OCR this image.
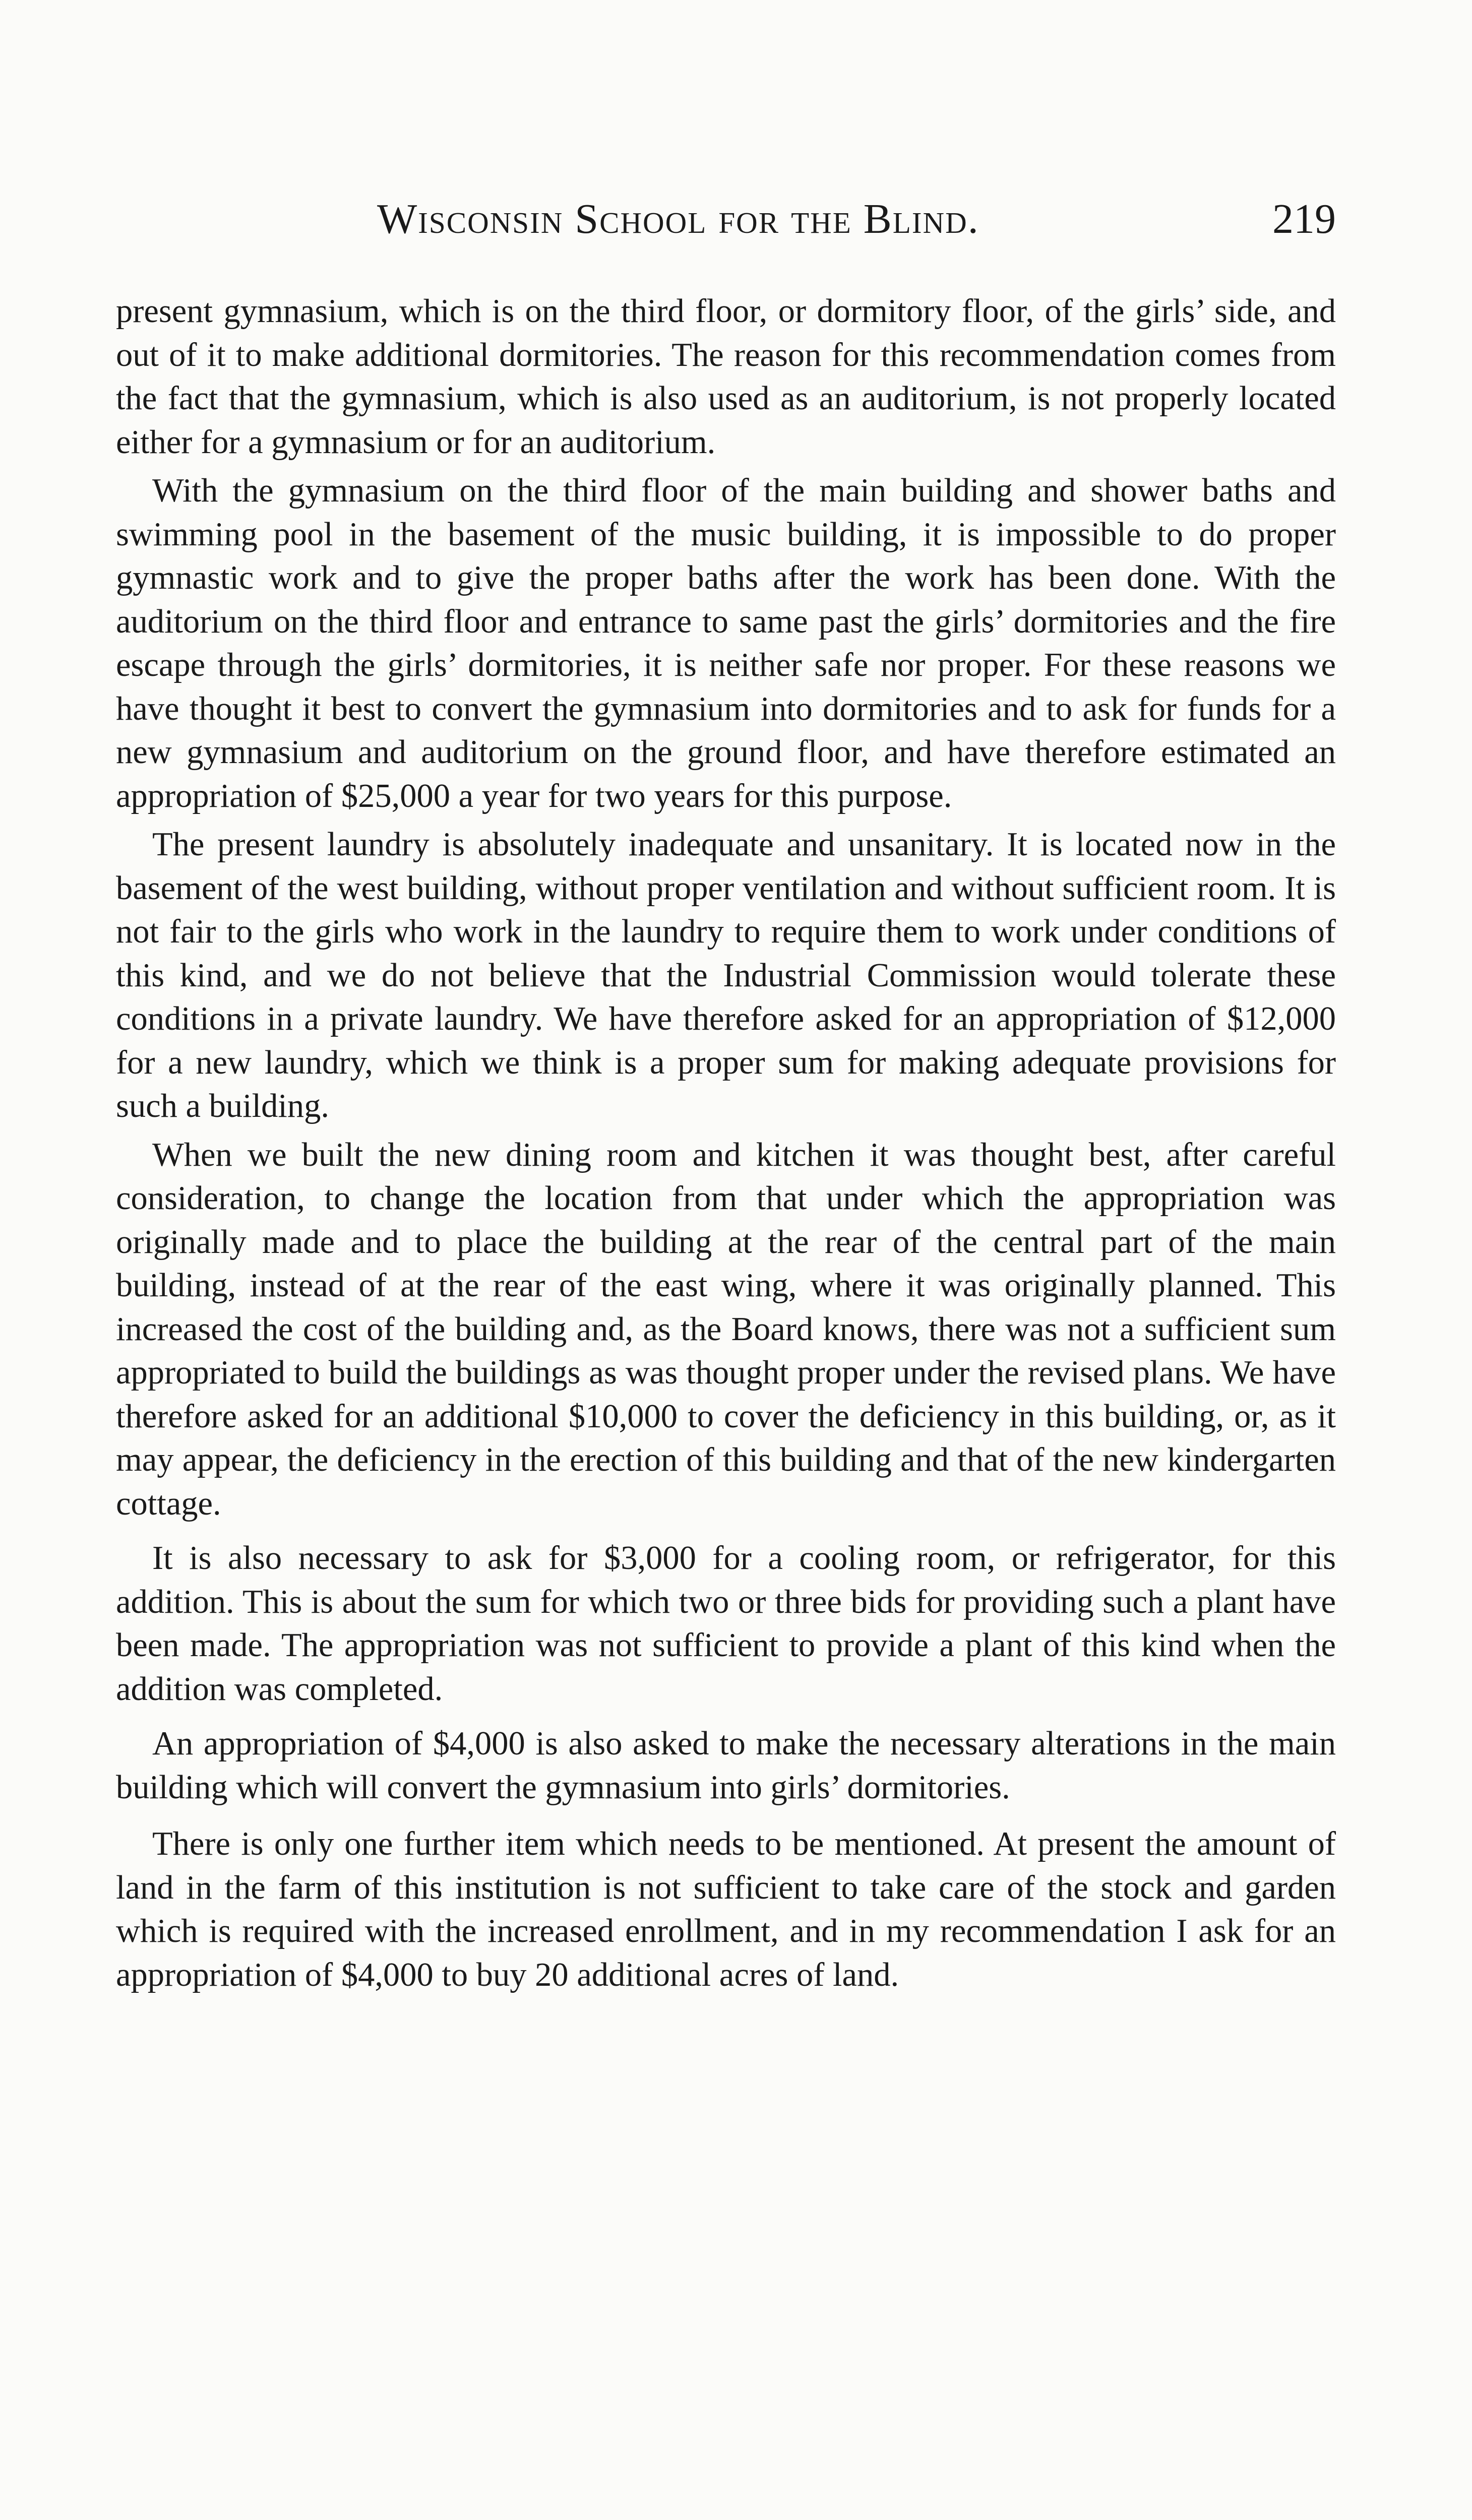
Wisconsin School for the Blind.	219

present gymnasium, which is on the third floor, or dormitory floor, of the girls’ side, and out of it to make additional dormitories. The reason for this recommendation comes from the fact that the gymnasium, which is also used as an auditorium, is not properly located either for a gymnasium or for an auditorium.

With the gymnasium on the third floor of the main building and shower baths and swimming pool in the basement of the music building, it is impossible to do proper gymnastic work and to give the proper baths after the work has been done. With the auditorium on the third floor and entrance to same past the girls’ dormitories and the fire escape through the girls’ dormitories, it is neither safe nor proper. For these reasons we have thought it best to convert the gymnasium into dormitories and to ask for funds for a new gymnasium and auditorium on the ground floor, and have therefore estimated an appropriation of $25,000 a year for two years for this purpose.

The present laundry is absolutely inadequate and unsanitary. It is located now in the basement of the west building, without proper ventilation and without sufficient room. It is not fair to the girls who work in the laundry to require them to work under conditions of this kind, and we do not believe that the Industrial Commission would tolerate these conditions in a private laundry. We have therefore asked for an appropriation of $12,000 for a new laundry, which we think is a proper sum for making adequate provisions for such a building.

When we built the new dining room and kitchen it was thought best, after careful consideration, to change the location from that under which the appropriation was originally made and to place the building at the rear of the central part of the main building, instead of at the rear of the east wing, where it was originally planned. This increased the cost of the building and, as the Board knows, there was not a sufficient sum appropriated to build the buildings as was thought proper under the revised plans. We have therefore asked for an additional $10,000 to cover the deficiency in this building, or, as it may appear, the deficiency in the erection of this building and that of the new kindergarten cottage.

It is also necessary to ask for $3,000 for a cooling room, or refrigerator, for this addition. This is about the sum for which two or three bids for providing such a plant have been made. The appropriation was not sufficient to provide a plant of this kind when the addition was completed.

An appropriation of $4,000 is also asked to make the necessary alterations in the main building which will convert the gymnasium into girls’ dormitories.

There is only one further item which needs to be mentioned. At present the amount of land in the farm of this institution is not sufficient to take care of the stock and garden which is required with the increased enrollment, and in my recommendation I ask for an appropriation of $4,000 to buy 20 additional acres of land.
